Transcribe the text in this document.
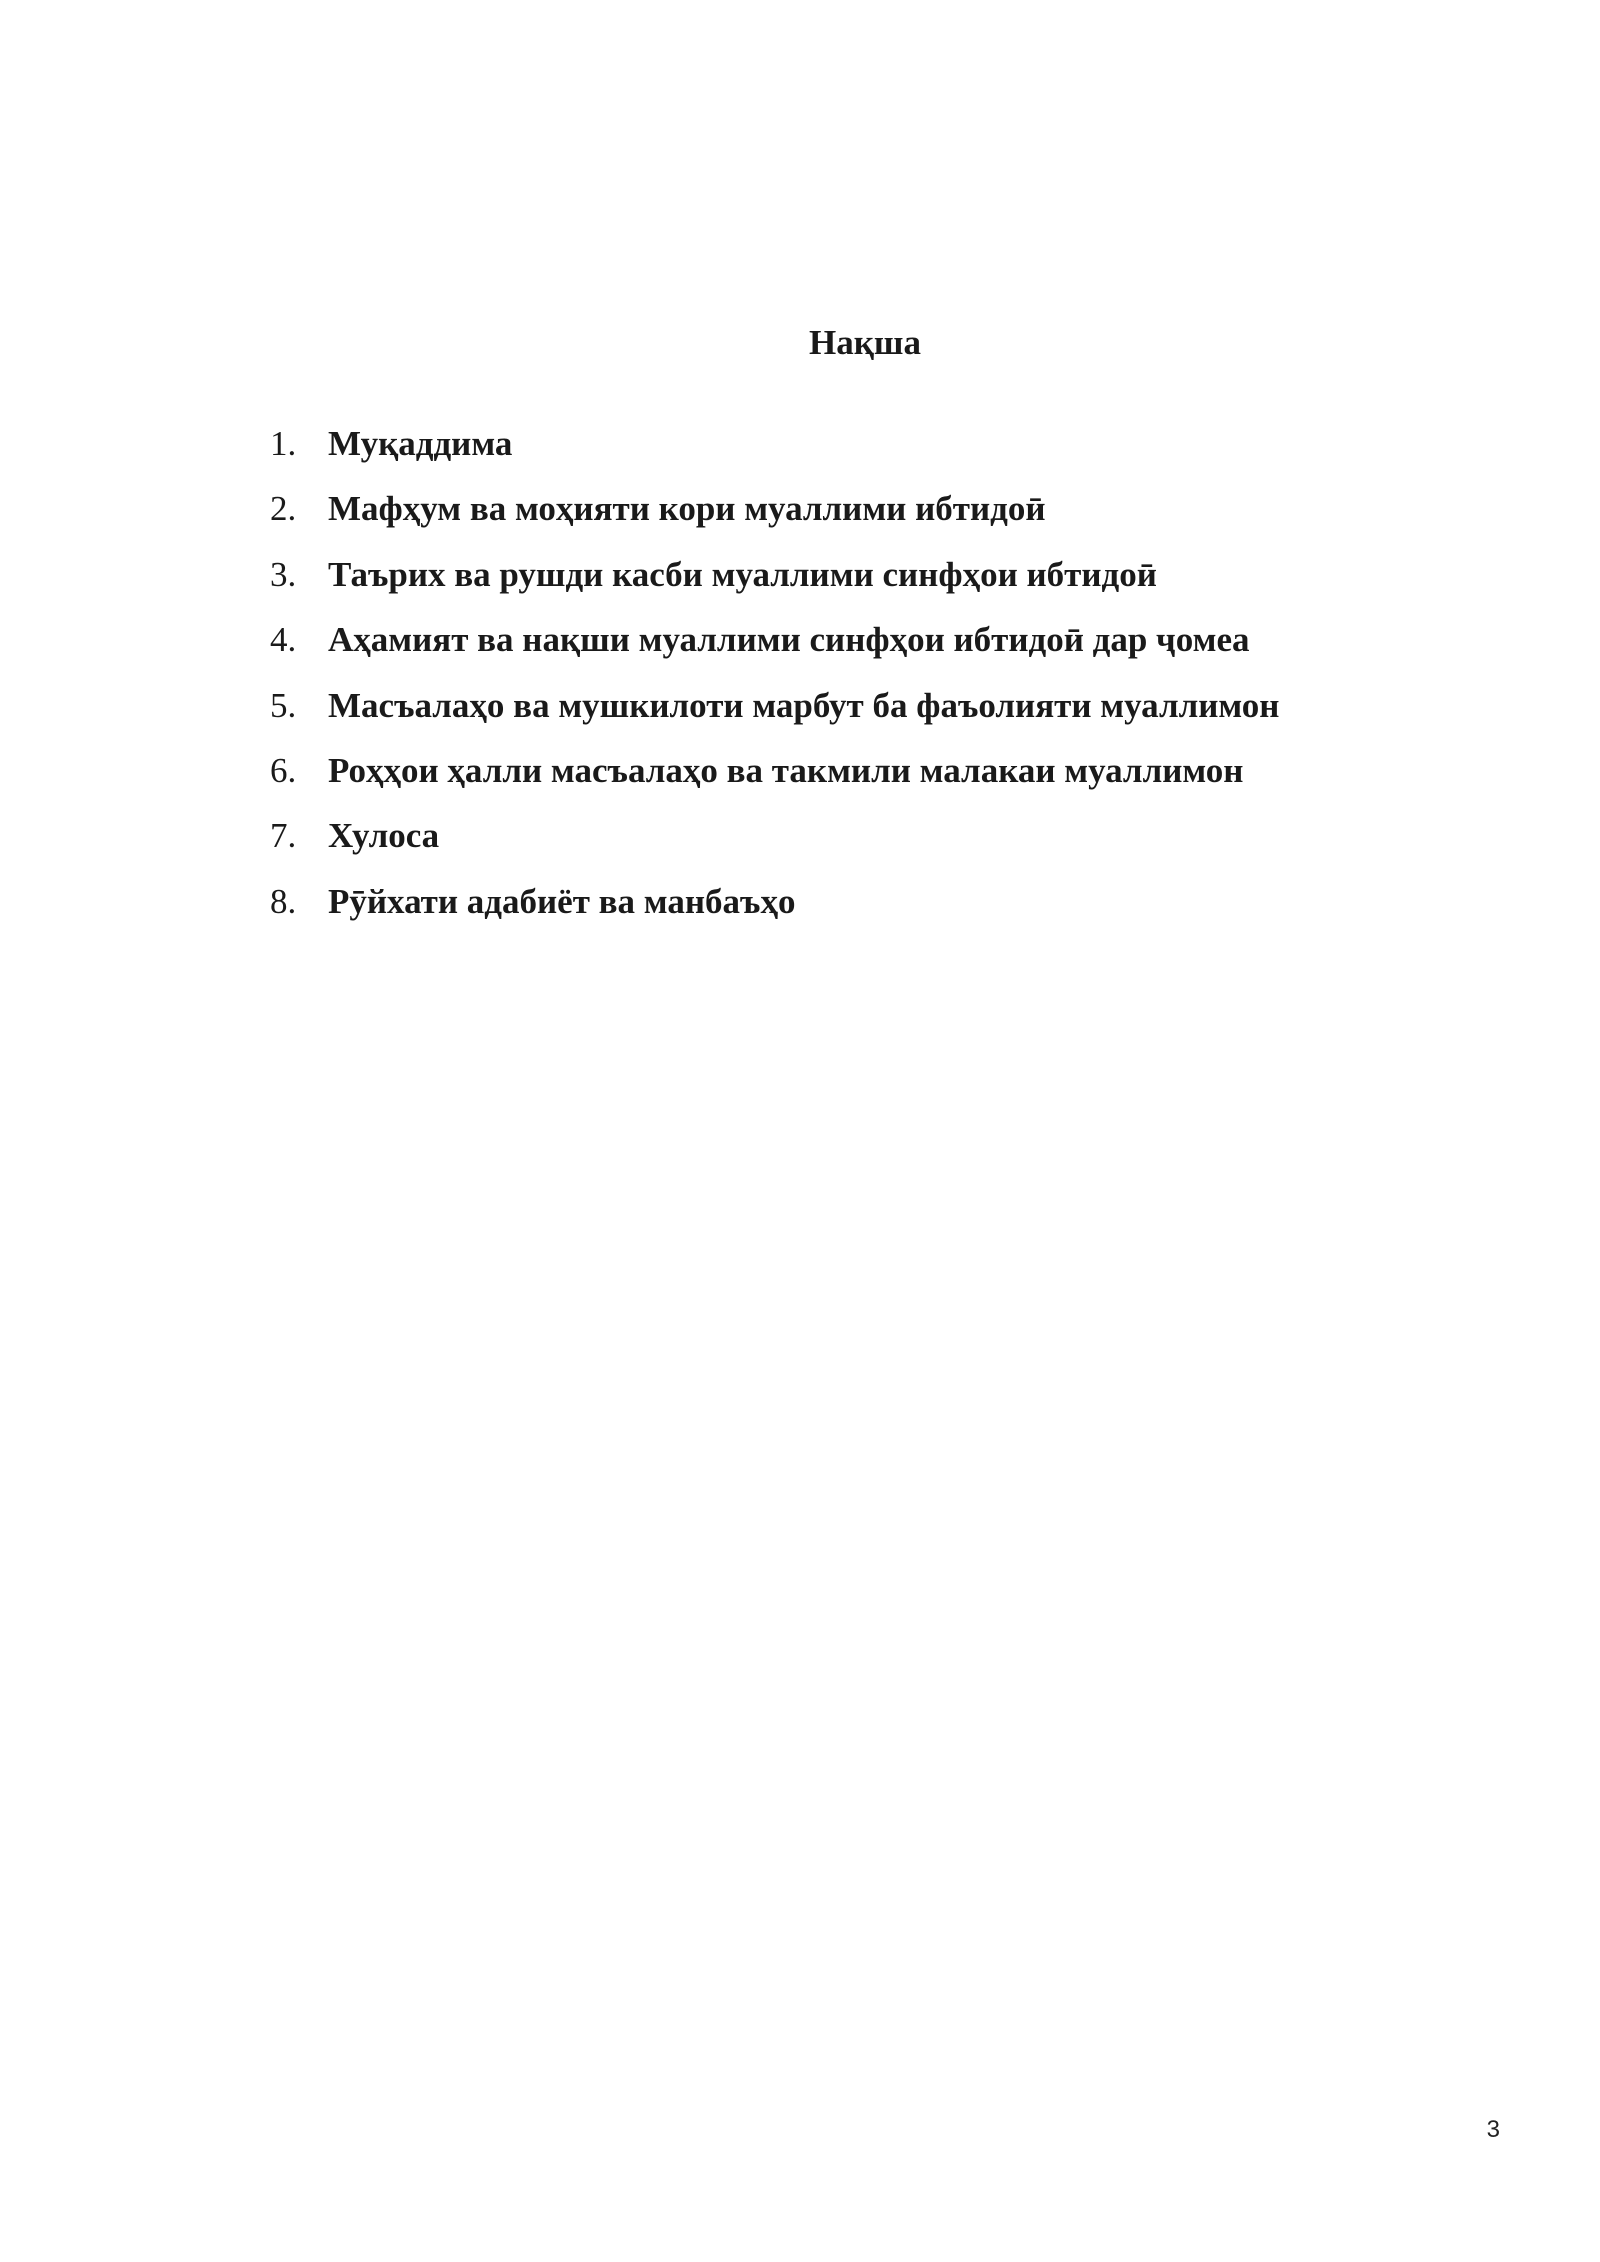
Нақша
1. Муқаддима
2. Мафҳум ва моҳияти кори муаллими ибтидоӣ
3. Таърих ва рушди касби муаллими синфҳои ибтидоӣ
4. Аҳамият ва нақши муаллими синфҳои ибтидоӣ дар ҷомеа
5. Масъалаҳо ва мушкилоти марбут ба фаъолияти муаллимон
6. Роҳҳои ҳалли масъалаҳо ва такмили малакаи муаллимон
7. Хулоса
8. Рӯйхати адабиёт ва манбаъҳо
3
